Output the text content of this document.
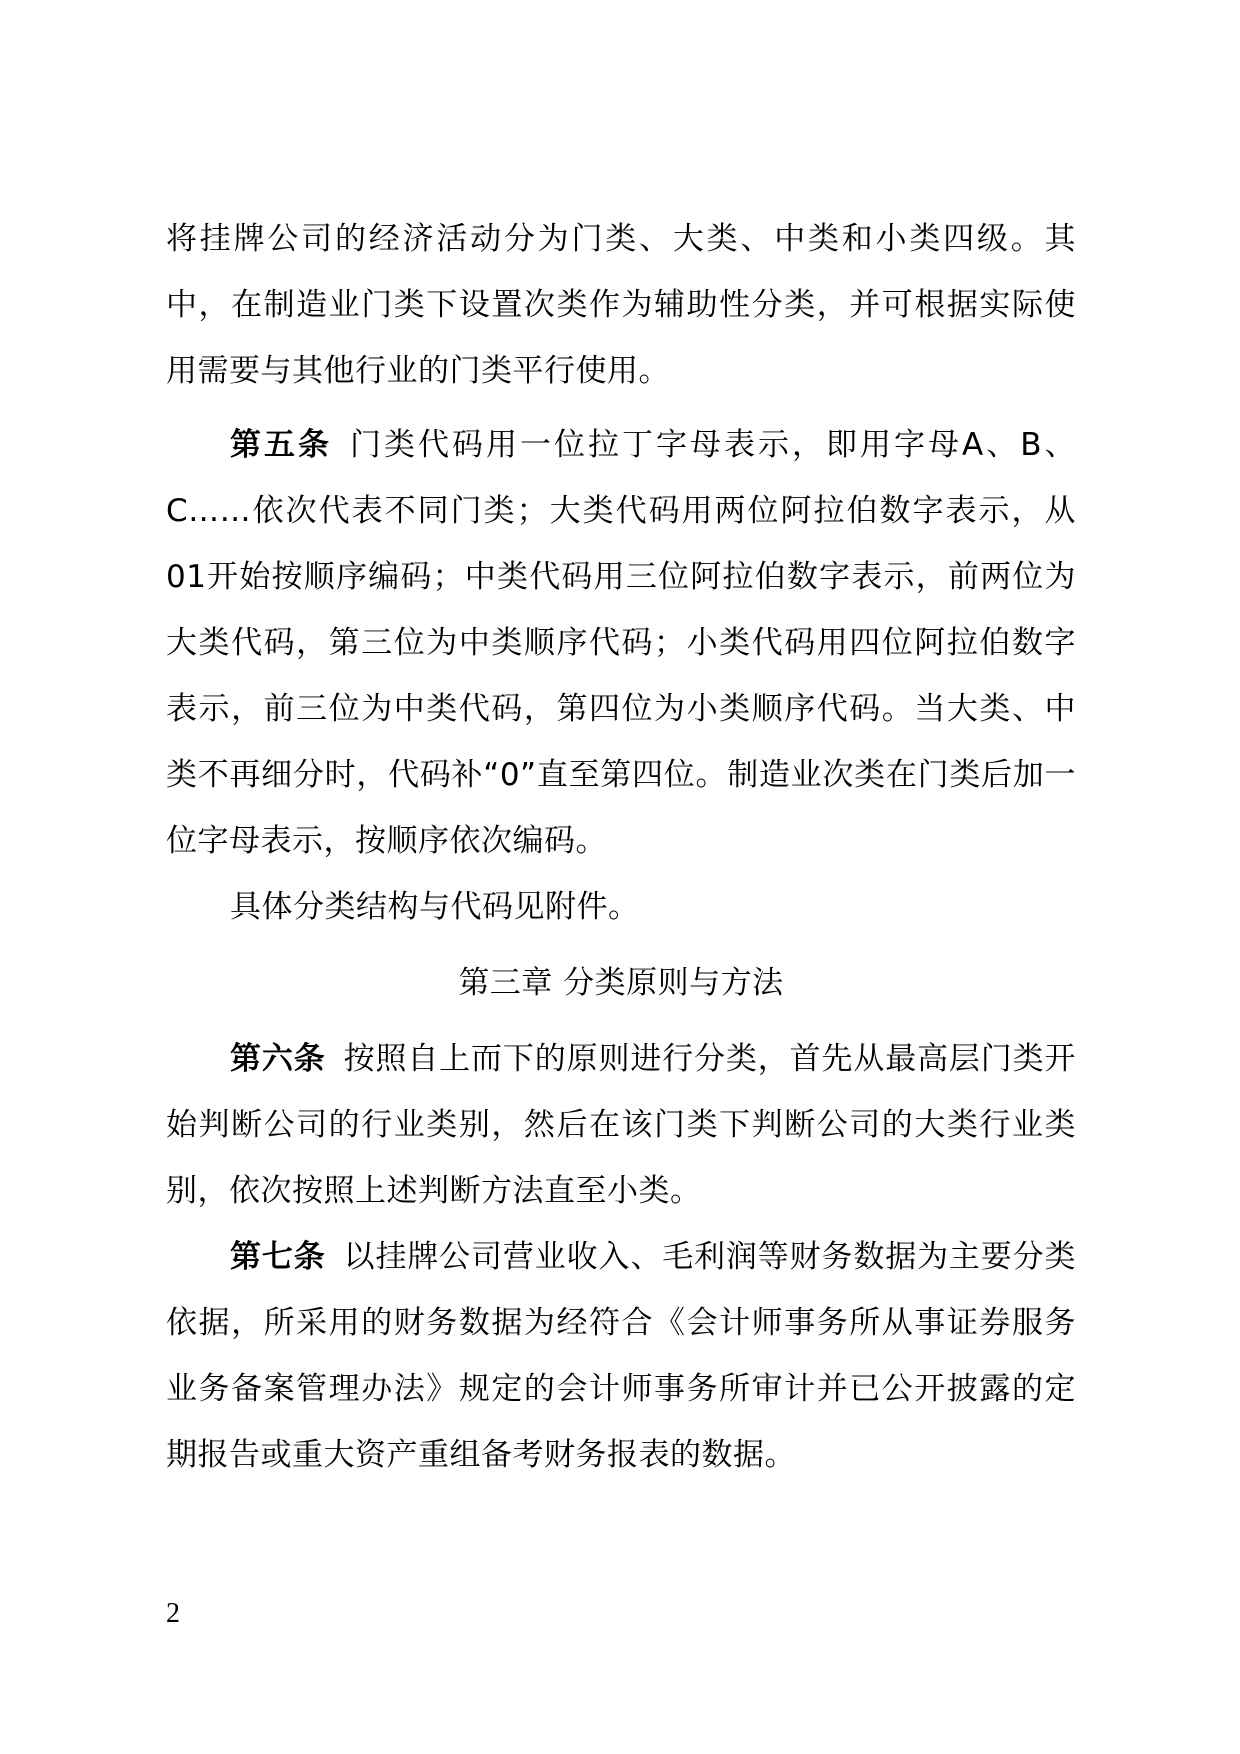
将挂牌公司的经济活动分为门类、大类、中类和小类四级。其中，在制造业门类下设置次类作为辅助性分类，并可根据实际使用需要与其他行业的门类平行使用。

第五条 门类代码用一位拉丁字母表示，即用字母A、B、C……依次代表不同门类；大类代码用两位阿拉伯数字表示，从01开始按顺序编码；中类代码用三位阿拉伯数字表示，前两位为大类代码，第三位为中类顺序代码；小类代码用四位阿拉伯数字表示，前三位为中类代码，第四位为小类顺序代码。当大类、中类不再细分时，代码补“0”直至第四位。制造业次类在门类后加一位字母表示，按顺序依次编码。

具体分类结构与代码见附件。

第三章 分类原则与方法

第六条 按照自上而下的原则进行分类，首先从最高层门类开始判断公司的行业类别，然后在该门类下判断公司的大类行业类别，依次按照上述判断方法直至小类。

第七条 以挂牌公司营业收入、毛利润等财务数据为主要分类依据，所采用的财务数据为经符合《会计师事务所从事证券服务业务备案管理办法》规定的会计师事务所审计并已公开披露的定期报告或重大资产重组备考财务报表的数据。

2
